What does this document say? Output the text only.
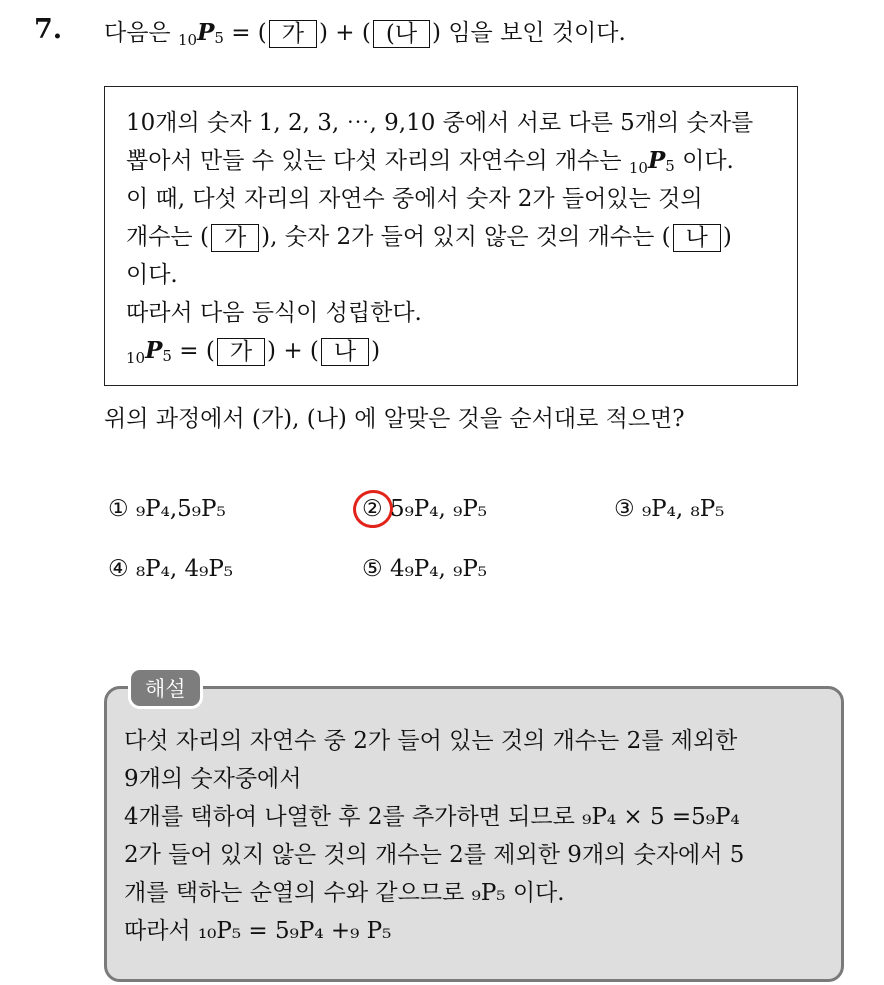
7. 다음은 $_{10}P_5$ = ( 가 ) + ( (나 ) 임을 보인 것이다.
10개의 숫자 1, 2, 3, ⋯, 9,10 중에서 서로 다른 5개의 숫자를
뽑아서 만들 수 있는 다섯 자리의 자연수의 개수는 $_{10}P_5$ 이다.
이 때, 다섯 자리의 자연수 중에서 숫자 2가 들어있는 것의
개수는 ( 가 ), 숫자 2가 들어 있지 않은 것의 개수는 ( 나 )
이다.
따라서 다음 등식이 성립한다.
$_{10}P_5$ = ( 가 ) + ( 나 )
위의 과정에서 (가), (나) 에 알맞은 것을 순서대로 적으면?
① ₉P₄,5₉P₅	② 5₉P₄, ₉P₅	③ ₉P₄, ₈P₅
④ ₈P₄, 4₉P₅	⑤ 4₉P₄, ₉P₅
해설
다섯 자리의 자연수 중 2가 들어 있는 것의 개수는 2를 제외한
9개의 숫자중에서
4개를 택하여 나열한 후 2를 추가하면 되므로 ₉P₄ × 5 =5₉P₄
2가 들어 있지 않은 것의 개수는 2를 제외한 9개의 숫자에서 5
개를 택하는 순열의 수와 같으므로 ₉P₅ 이다.
따라서 ₁₀P₅ = 5₉P₄ +₉ P₅
